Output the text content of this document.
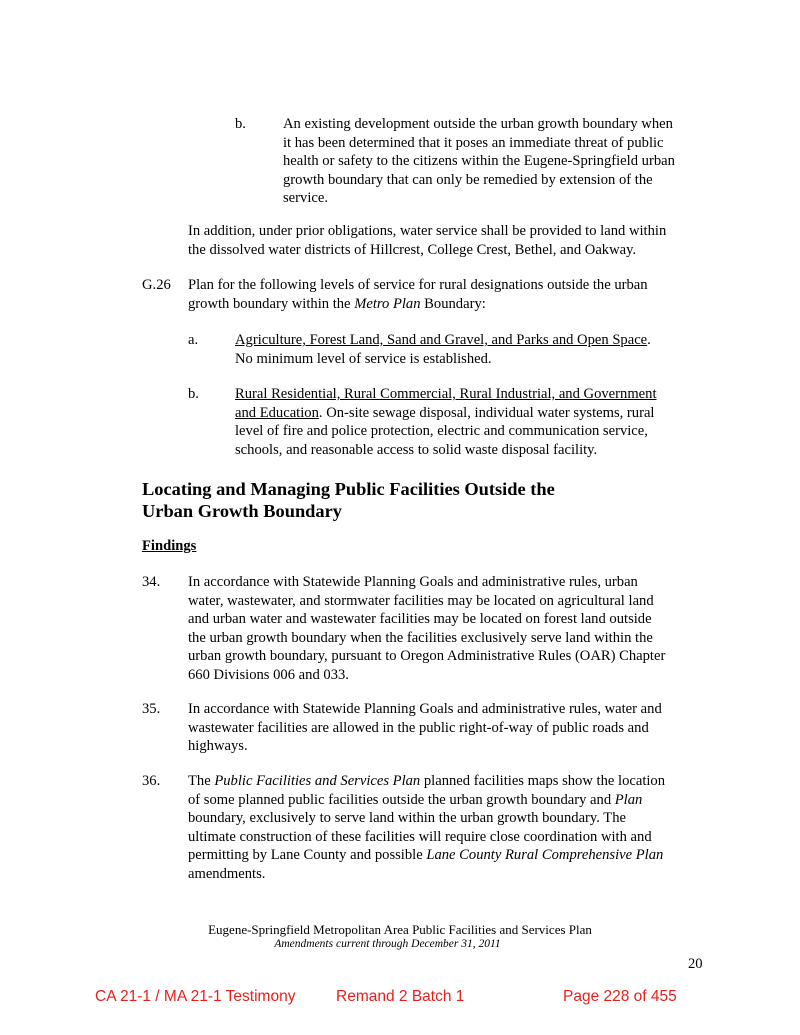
b.	An existing development outside the urban growth boundary when
it has been determined that it poses an immediate threat of public
health or safety to the citizens within the Eugene-Springfield urban
growth boundary that can only be remedied by extension of the
service.
In addition, under prior obligations, water service shall be provided to land within
the dissolved water districts of Hillcrest, College Crest, Bethel, and Oakway.
G.26 Plan for the following levels of service for rural designations outside the urban
growth boundary within the Metro Plan Boundary:
a.	Agriculture, Forest Land, Sand and Gravel, and Parks and Open Space.
No minimum level of service is established.
b. Rural Residential, Rural Commercial, Rural Industrial, and Government
and Education. On-site sewage disposal, individual water systems, rural
level of fire and police protection, electric and communication service,
schools, and reasonable access to solid waste disposal facility.
Locating and Managing Public Facilities Outside the
Urban Growth Boundary
Findings
34. In accordance with Statewide Planning Goals and administrative rules, urban
water, wastewater, and stormwater facilities may be located on agricultural land
and urban water and wastewater facilities may be located on forest land outside
the urban growth boundary when the facilities exclusively serve land within the
urban growth boundary, pursuant to Oregon Administrative Rules (OAR) Chapter
660 Divisions 006 and 033.
35. In accordance with Statewide Planning Goals and administrative rules, water and
wastewater facilities are allowed in the public right-of-way of public roads and
highways.
36. The Public Facilities and Services Plan planned facilities maps show the location
of some planned public facilities outside the urban growth boundary and Plan
boundary, exclusively to serve land within the urban growth boundary. The
ultimate construction of these facilities will require close coordination with and
permitting by Lane County and possible Lane County Rural Comprehensive Plan
amendments.
Eugene-Springfield Metropolitan Area Public Facilities and Services Plan
Amendments current through December 31, 2011
20
CA 21-1 / MA 21-1 Testimony	Remand 2 Batch 1	Page 228 of 455
